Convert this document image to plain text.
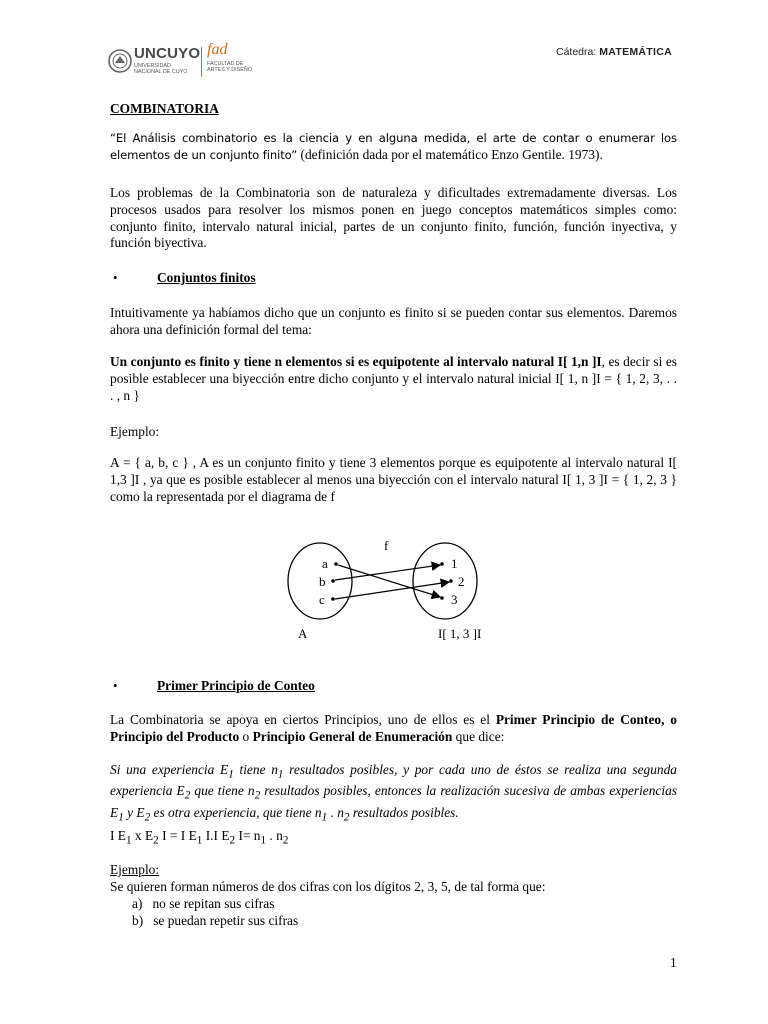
UNCUYO
UNIVERSIDAD
NACIONAL DE CUYO
fad
FACULTAD DE
ARTES Y DISEÑO
Cátedra: MATEMÁTICA
COMBINATORIA
“El Análisis combinatorio es la ciencia y en alguna medida, el arte de contar o enumerar los elementos de un conjunto finito” (definición dada por el matemático Enzo Gentile. 1973).
Los problemas de la Combinatoria son de naturaleza y dificultades extremadamente diversas. Los procesos usados para resolver los mismos ponen en juego conceptos matemáticos simples como: conjunto finito, intervalo natural inicial, partes de un conjunto finito, función, función inyectiva, y función biyectiva.
•	Conjuntos finitos
Intuitivamente ya habíamos dicho que un conjunto es finito si se pueden contar sus elementos. Daremos ahora una definición formal del tema:
Un conjunto es finito y tiene n elementos si es equipotente al intervalo natural I[ 1,n ]I, es decir si es posible establecer una biyección entre dicho conjunto y el intervalo natural inicial I[ 1, n ]I = { 1, 2, 3, . . . , n }
Ejemplo:
A = { a, b, c } , A es un conjunto finito y tiene 3 elementos porque es equipotente al intervalo natural I[ 1,3 ]I , ya que es posible establecer al menos una biyección con el intervalo natural I[ 1, 3 ]I = { 1, 2, 3 } como la representada por el diagrama de f
f
a
b
c
1
2
3
A	I[ 1, 3 ]I
•	Primer Principio de Conteo
La Combinatoria se apoya en ciertos Principios, uno de ellos es el Primer Principio de Conteo, o Principio del Producto o Principio General de Enumeración que dice:
Si una experiencia $E_1$ tiene $n_1$ resultados posibles, y por cada uno de éstos se realiza una segunda experiencia $E_2$ que tiene $n_2$ resultados posibles, entonces la realización sucesiva de ambas experiencias $E_1$ y $E_2$ es otra experiencia, que tiene $n_1$ . $n_2$ resultados posibles.
I $E_1$ x $E_2$ I = I $E_1$ I.I $E_2$ $I= n_1$ . $n_2$
Ejemplo:
Se quieren forman números de dos cifras con los dígitos 2, 3, 5, de tal forma que:
a) no se repitan sus cifras
b) se puedan repetir sus cifras
1
